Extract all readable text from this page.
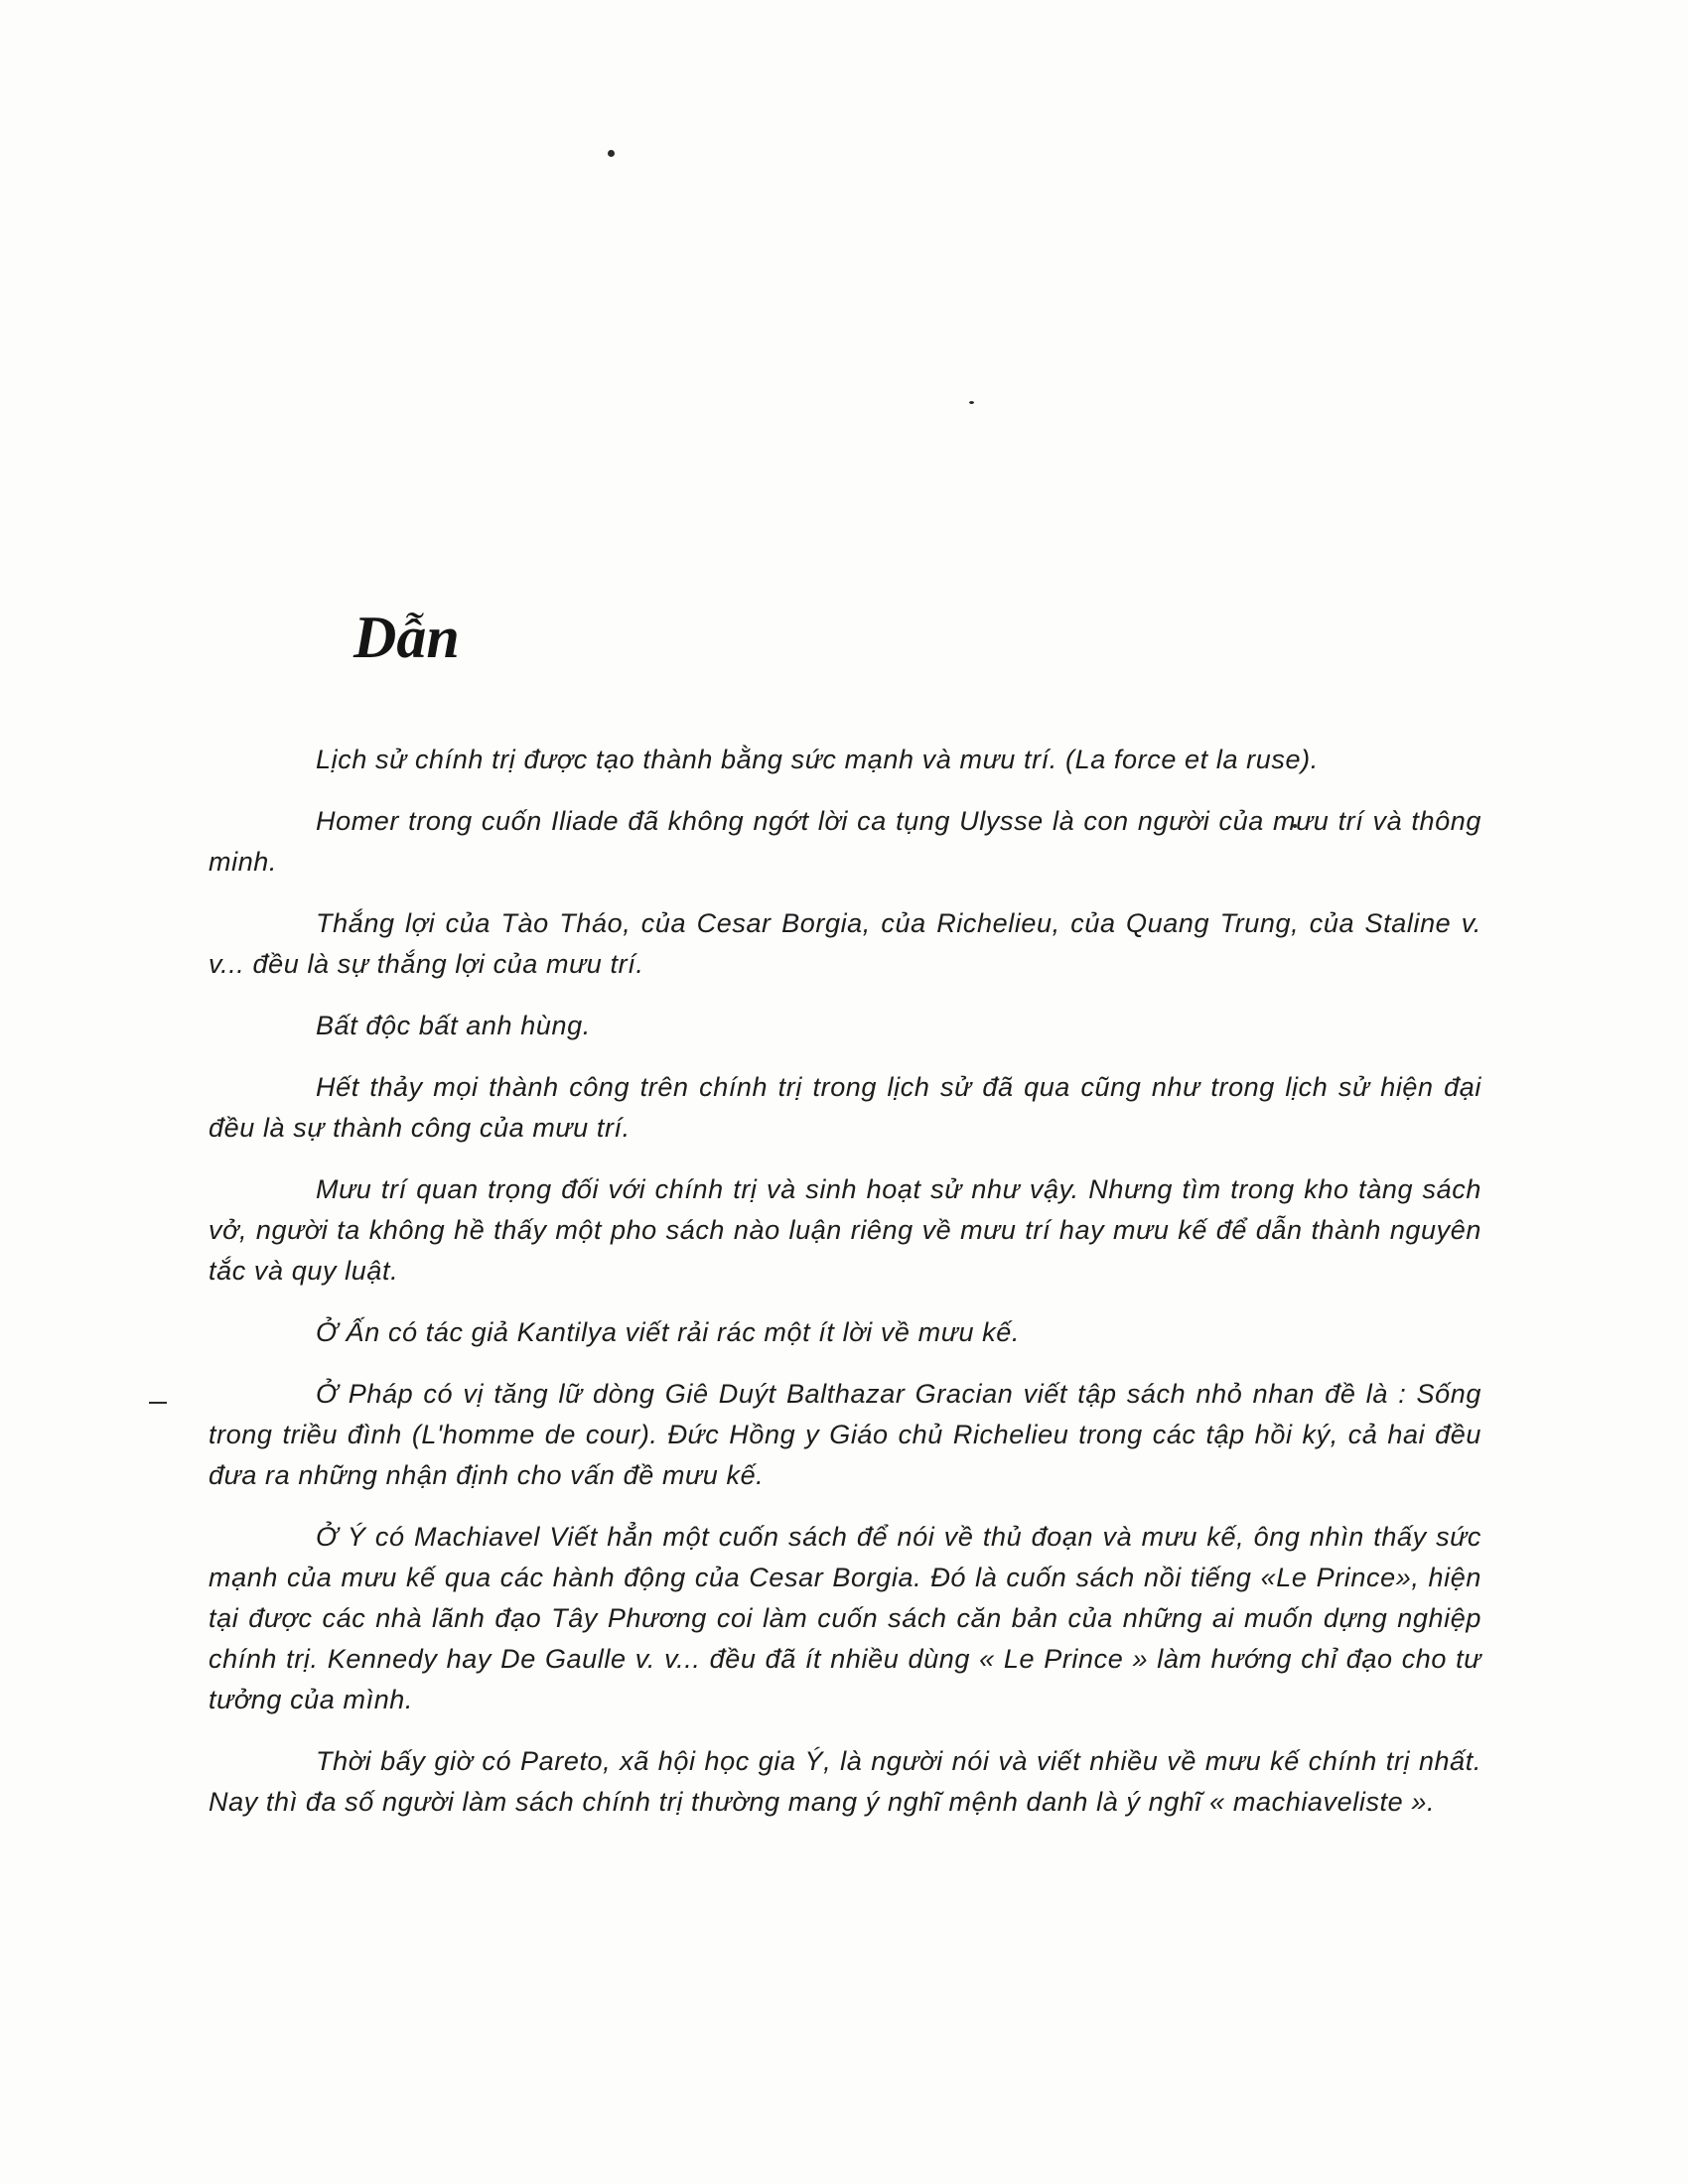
Dẫn

Lịch sử chính trị được tạo thành bằng sức mạnh và mưu trí. (La force et la ruse).

Homer trong cuốn Iliade đã không ngớt lời ca tụng Ulysse là con người của mưu trí và thông minh.

Thắng lợi của Tào Tháo, của Cesar Borgia, của Richelieu, của Quang Trung, của Staline v. v... đều là sự thắng lợi của mưu trí.

Bất độc bất anh hùng.

Hết thảy mọi thành công trên chính trị trong lịch sử đã qua cũng như trong lịch sử hiện đại đều là sự thành công của mưu trí.

Mưu trí quan trọng đối với chính trị và sinh hoạt sử như vậy. Nhưng tìm trong kho tàng sách vở, người ta không hề thấy một pho sách nào luận riêng về mưu trí hay mưu kế để dẫn thành nguyên tắc và quy luật.

Ở Ấn có tác giả Kantilya viết rải rác một ít lời về mưu kế.

Ở Pháp có vị tăng lữ dòng Giê Duýt Balthazar Gracian viết tập sách nhỏ nhan đề là : Sống trong triều đình (L'homme de cour). Đức Hồng y Giáo chủ Richelieu trong các tập hồi ký, cả hai đều đưa ra những nhận định cho vấn đề mưu kế.

Ở Ý có Machiavel Viết hẳn một cuốn sách để nói về thủ đoạn và mưu kế, ông nhìn thấy sức mạnh của mưu kế qua các hành động của Cesar Borgia. Đó là cuốn sách nồi tiếng «Le Prince», hiện tại được các nhà lãnh đạo Tây Phương coi làm cuốn sách căn bản của những ai muốn dựng nghiệp chính trị. Kennedy hay De Gaulle v. v... đều đã ít nhiều dùng « Le Prince » làm hướng chỉ đạo cho tư tưởng của mình.

Thời bấy giờ có Pareto, xã hội học gia Ý, là người nói và viết nhiều về mưu kế chính trị nhất. Nay thì đa số người làm sách chính trị thường mang ý nghĩ mệnh danh là ý nghĩ « machiaveliste ».
